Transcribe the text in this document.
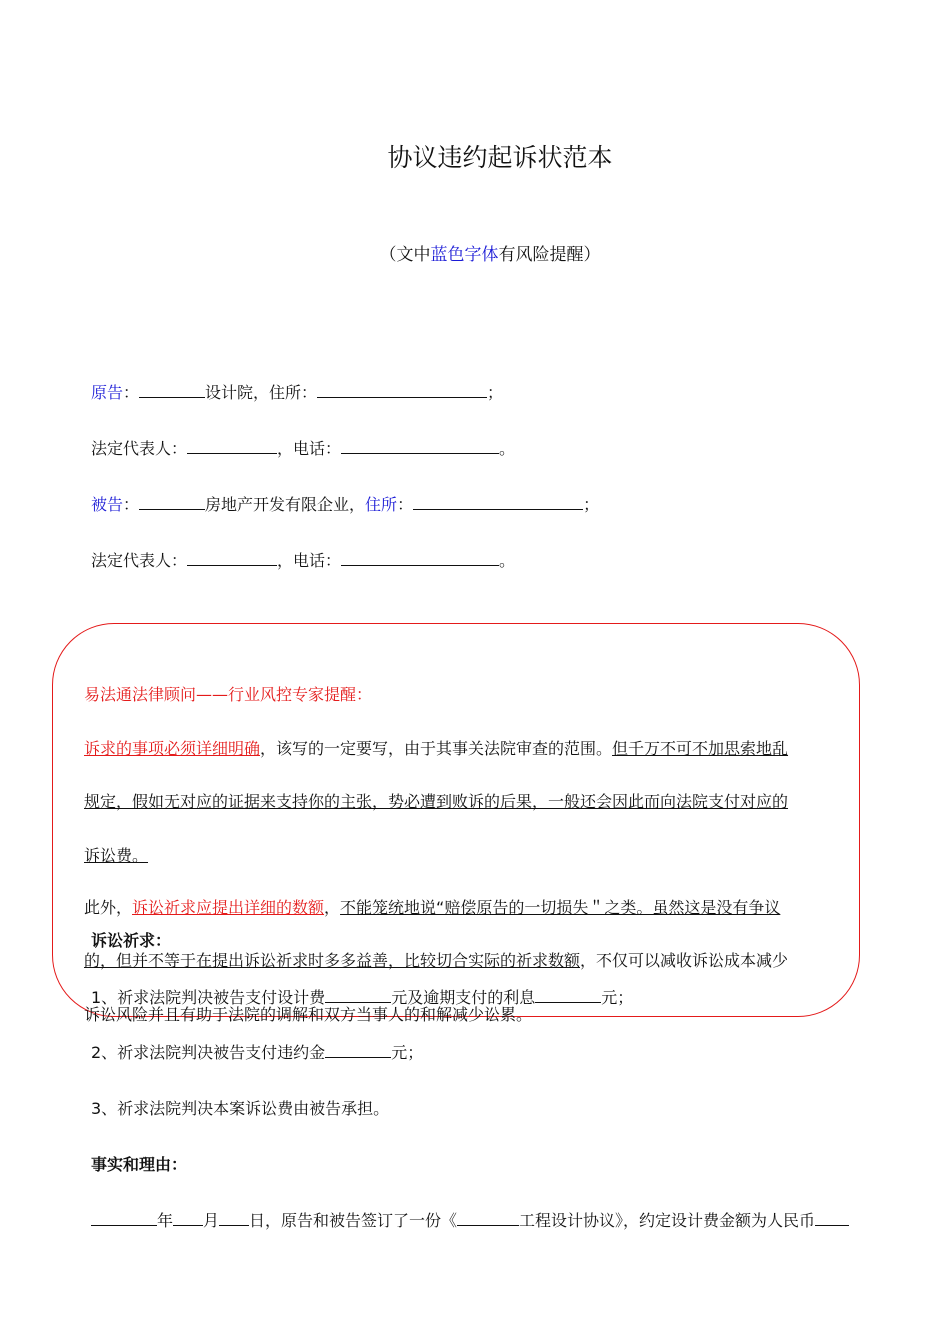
协议违约起诉状范本
（文中蓝色字体有风险提醒）
原告：	设计院，住所：	；
法定代表人：	，电话：	。
被告：	房地产开发有限企业，住所：	；
法定代表人：	，电话：	。
易法通法律顾问——行业风控专家提醒：
诉求的事项必须详细明确，该写的一定要写，由于其事关法院审查的范围。但千万不可不加思索地乱
规定，假如无对应的证据来支持你的主张，势必遭到败诉的后果，一般还会因此而向法院支付对应的
诉讼费。
此外，诉讼祈求应提出详细的数额，不能笼统地说“赔偿原告的一切损失＂之类。虽然这是没有争议
的，但并不等于在提出诉讼祈求时多多益善，比较切合实际的祈求数额，不仅可以减收诉讼成本减少
诉讼风险并且有助于法院的调解和双方当事人的和解减少讼累。
诉讼祈求：
1、祈求法院判决被告支付设计费	元及逾期支付的利息	元；
2、祈求法院判决被告支付违约金	元；
3、祈求法院判决本案诉讼费由被告承担。
事实和理由：
年 月 日，原告和被告签订了一份《	工程设计协议》，约定设计费金额为人民币
